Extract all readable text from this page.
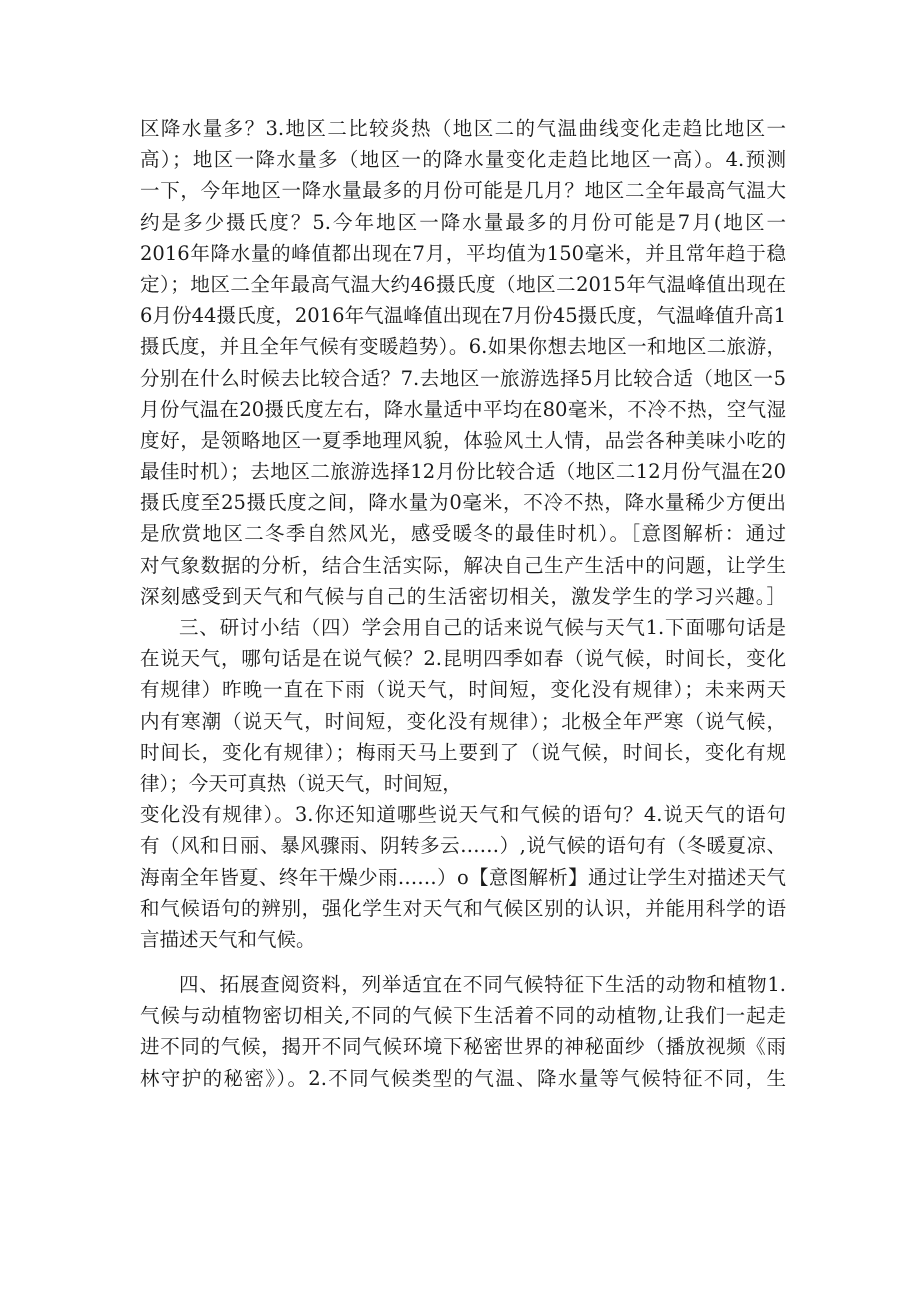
区降水量多？3.地区二比较炎热（地区二的气温曲线变化走趋比地区一
高）；地区一降水量多（地区一的降水量变化走趋比地区一高）。4.预测
一下，今年地区一降水量最多的月份可能是几月？地区二全年最高气温大
约是多少摄氏度？5.今年地区一降水量最多的月份可能是7月(地区一
2016年降水量的峰值都出现在7月，平均值为150毫米，并且常年趋于稳
定）；地区二全年最高气温大约46摄氏度（地区二2015年气温峰值出现在
6月份44摄氏度，2016年气温峰值出现在7月份45摄氏度，气温峰值升高1
摄氏度，并且全年气候有变暖趋势）。6.如果你想去地区一和地区二旅游，
分别在什么时候去比较合适？7.去地区一旅游选择5月比较合适（地区一5
月份气温在20摄氏度左右，降水量适中平均在80毫米，不冷不热，空气湿
度好，是领略地区一夏季地理风貌，体验风土人情，品尝各种美味小吃的
最佳时机）；去地区二旅游选择12月份比较合适（地区二12月份气温在20
摄氏度至25摄氏度之间，降水量为0毫米，不冷不热，降水量稀少方便出
是欣赏地区二冬季自然风光，感受暖冬的最佳时机）。［意图解析：通过
对气象数据的分析，结合生活实际，解决自己生产生活中的问题，让学生
深刻感受到天气和气候与自己的生活密切相关，激发学生的学习兴趣。］
三、研讨小结（四）学会用自己的话来说气候与天气1.下面哪句话是
在说天气，哪句话是在说气候？2.昆明四季如春（说气候，时间长，变化
有规律）昨晚一直在下雨（说天气，时间短，变化没有规律）；未来两天
内有寒潮（说天气，时间短，变化没有规律）；北极全年严寒（说气候，
时间长，变化有规律）；梅雨天马上要到了（说气候，时间长，变化有规
律）；今天可真热（说天气，时间短，
变化没有规律）。3.你还知道哪些说天气和气候的语句？4.说天气的语句
有（风和日丽、暴风骤雨、阴转多云……）,说气候的语句有（冬暖夏凉、
海南全年皆夏、终年干燥少雨……）o【意图解析】通过让学生对描述天气
和气候语句的辨别，强化学生对天气和气候区别的认识，并能用科学的语
言描述天气和气候。
四、拓展查阅资料，列举适宜在不同气候特征下生活的动物和植物1.
气候与动植物密切相关,不同的气候下生活着不同的动植物,让我们一起走
进不同的气候，揭开不同气候环境下秘密世界的神秘面纱（播放视频《雨
林守护的秘密》）。2.不同气候类型的气温、降水量等气候特征不同，生
